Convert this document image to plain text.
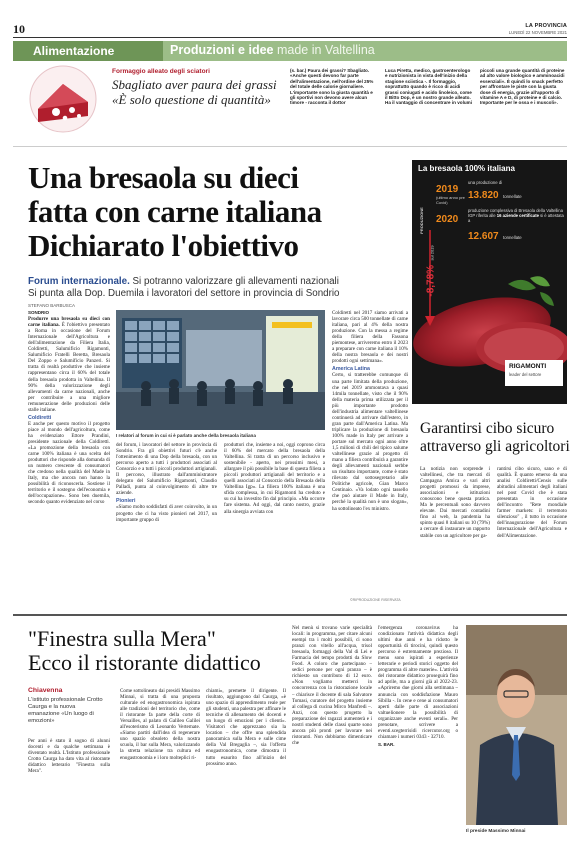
10	LA PROVINCIA
LUNEDÌ 22 NOVEMBRE 2021
Alimentazione	Produzioni e idee made in Valtellina
Formaggio alleato degli sciatori
Sbagliato aver paura dei grassi
«È solo questione di quantità»
(s. bar.) Paura dei grassi? Sbagliato. «Anche questi devono far parte dell'alimentazione, nell'ordine del 25% del totale delle calorie giornaliere. L'importante sono la giusta quantità e gli sportivi non devono avere alcun timore - racconta il dottor
Luca Piretta, medico, gastroenterologo e nutrizionista in vista dell'inizio della stagione sciistica -. Il formaggio, soprattutto quando è ricco di acidi grassi coniugati e acido linoleico, come il Bitto Dop, è un nostro grande alleato. Ha il vantaggio di concentrare in volumi
piccoli una grande quantità di proteine ad alto valore biologico e amminoacidi essenziali». È quindi lo snack perfetto per affrontare le piste con la giusta dose di energia, grazie all'apporto di vitamine A e D, di proteine e di calcio. Importante per le ossa e i muscoli».
Una bresaola su dieci
fatta con carne italiana
Dichiarato l'obiettivo
Forum internazionale. Si potranno valorizzare gli allevamenti nazionali
Si punta alla Dop. Duemila i lavoratori del settore in provincia di Sondrio
La bresaola 100% italiana
PRODUZIONE
2019
una produzione di
13.820 tonnellate
(ultimo anno pre Covid)
2020
produzione complessiva di Bresaola della Valtellina IGP riferita alle 16 aziende certificate si è attestata a
12.607 tonnellate
-8,78% sul 2019
RIGAMONTI
leader del settore
STEFANO BARBUSCA
SONDRIO
Produrre una bresaola su dieci con carne italiana. È l'obiettivo presentato a Roma in occasione del Forum Internazionale dell'Agricoltura e dell'alimentazione da Filiera Italia, Coldiretti, Salumificio Rigamonti, Salumificio Fratelli Beretta, Bresaola Del Zoppo e Salumificio Panzeri. Si tratta di realtà produttive che insieme rappresentano circa il 60% del totale della bresaola prodotta in Valtellina. Il 90% della valorizzazione degli allevamenti da carne nazionali, anche per contribuire a una migliore remunerazione delle produzioni delle stalle italiane.
Coldiretti
E anche per questo motivo il progetto piace al mondo dell'agricoltura, come ha evidenziato Ettore Prandini, presidente nazionale della Coldiretti. «La promozione della bresaola con carne 100% italiana è una scelta del produttori che risponde alla domanda di un numero crescente di consumatori che credono nella qualità del Made in Italy, ma che ancora non hanno la possibilità di riconoscerla. Sostiene il territorio e il sostegno dell'economia e dell'occupazione». Sono ben duemila, secondo quanto evidenziato nel corso
I relatori al forum in cui si è parlato anche della bresaola italiana
del forum, i lavoratori del settore in provincia di Sondrio. Fra gli obiettivi futuri c'è anche l'ottenimento di una Dop della bresaola, con un percorso aperto a tutti i produttori associati al Consorzio e a tutti i piccoli produttori artigianali. Il percorso, illustrato dall'amministratore delegato del Salumificio Rigamonti, Claudio Palladi, punta al coinvolgimento di altre tre aziende.
Pionieri
«Siamo molto soddisfatti di aver coinvolto, in un progetto che ci ha visto pionieri nel 2017, un importante gruppo di
produttori che, insieme a noi, oggi coprono circa il 60% del mercato della bresaola della Valtellina. Si tratta di un percorso inclusivo e sostenibile - aperto, nei prossimi mesi, a allargare il più possibile la base di questa filiera a piccoli produttori artigianali del territorio e a quelli associati al Consorzio della Bresaola della Valtellina Igp». La filiera 100% italiana è una sfida complessa, in cui Rigamonti ha creduto e su cui ha investito fin dal principio. «Ma occorre fare sistema. Ad oggi, dal canto nostro, grazie alla sinergia avviata con
Coldiretti nel 2017 siamo arrivati a lavorare circa 500 tonnellate di carne italiana, pari al 4% della nostra produzione. Con la messa a regime della filiera della Fassona piemontese, arriveremo entro il 2023 a preparare con carne italiana il 10% della nostra bresaola e dei nostri prodotti ogni settimana».
America Latina
Certo, si tratterebbe comunque di una parte limitata della produzione, che nel 2019 ammontava a quasi 14mila tonnellate, visto che il 90% della materia prima utilizzata per il più importante prodotto dell'industria alimentare valtellinese continuerà ad arrivare dall'estero, in gran parte dall'America Latina. Ma triplicare la produzione di bresaola 100% made in Italy per arrivare a portare sul mercato ogni anno oltre 1,5 milioni di chili del tipico salume valtellinese grazie al progetto di mano a filiera contribuirà a garantire degli allevamenti nazionali serbbe un risultato importante, come è stato rilevato dal sottosegretario alle Politiche agricole, Gian Marco Centinaio. «Va lodato ogni tassello che può aiutare il Made in Italy, perché la qualità non è uno slogan», ha sottolineato l'ex ministro.
©RIPRODUZIONE RISERVATA
Garantirsi cibo sicuro
attraverso gli agricoltori
La notizia non sorprende i valtellinesi, che tra mercati di Campagna Amica e vari altri progetti promossi da imprese, associazioni e istituzioni conoscono bene questa pratica. Ma le percentuali sono davvero elevate. Dai mercati contadini fino al web, la pandemia ha spinto quasi 8 italiani su 10 (79%) a cercare di instaurare un rapporto stabile con un agricoltore per ga-
rantirsi cibo sicuro, sano e di qualità. È quanto emerso da una analisi Coldiretti/Censis sulle abitudini alimentari degli italiani nel post Covid che è stata presentata in occasione dell'incontro "Rete mondiale farmer markets: il terremoto silenzioso" , il tutto in occasione dell'inaugurazione del Forum Internazionale dell'Agricoltura e dell'Alimentazione.
"Finestra sulla Mera"
Ecco il ristorante didattico
Chiavenna
L'istituto professionale Crotto Caurga e la nuova emanazione «Un luogo di emozioni»
Per anni è stato il sogno di alunni docenti e da qualche settimana è diventato realtà. L'Istituto professionale Crotto Caurga ha dato vita al ristorante didattico letterario "Finestra sulla Mera".
Come sottolineato dai presidi Massimo Minnai, si tratta di una proposta culturale ed enogastronomica ispirata alle tradizioni del territorio che, come il ristorante fa parte della corte di Versailles, al palato di Galileo Galilei all'esoterismo di Leonardo Vertemate. «Siamo partiti dall'idea di regenerare uno spazio obsoleto della nostra scuola, il bar sulla Mera, valorizzando la stretta relazione tra cultura ed enogastronomia e i loro molteplici ri-
chiami», premette il dirigente. Il risultato, aggiungono dal Caurga, «è uno spazio di apprendimento reale per gli studenti, una palestra per affinare le tecniche di allenamento dei docenti e un luogo di emozioni per i clienti». Visitatori che apprezzano sia la location – che offre una splendida panoramica sulla Mera e sulle cime della Val Bregaglia –, sia l'offerta enogastronomica, come dimostra il tutto esaurito fino all'inizio del prossimo anno.
Nel menù si trovano varie specialità locali: in programma, per citare alcuni esempi tra i molti possibili, ci sono pranzi con vitello all'acqua, trisol bresaola, formaggi della Val di Lei e Farmacia del tempo prodotti da Slow Food. A coloro che partecipano – sedici persone per ogni pranzo – è richiesto un contributo di 12 euro. «Non vogliamo metterci in concorrenza con la ristorazione locale – chiarisce il docente di sala Salvatore Tomasi, curatore del progetto insieme al collega di cucina Mirco Manfredi –. Anzi, con questo progetto la preparazione dei ragazzi aumenterà e i nostri studenti delle classi quarte sono ancora più pronti per lavorare nei ristoranti. Non dobbiamo dimenticare che
l'emergenza coronavirus ha condizionato l'attività didattica degli ultimi due anni e ha ridotto le opportunità di tirocini, quindi questo percorso è estremamente prezioso. Il menu sono ispirati a esperienze letterarie e periodi storici oggetto del programma di altre materie». L'attività del ristorante didattico proseguirà fino ad aprile, ma a giorni già al 2022-23. «Apriremo due giorni alla settimana – annuncia con soddisfazione Mauro Sibilla -. In cene e cene ai consumatori aperti dalle parte di associazioni valtuelionere la possibilità di organizzare anche eventi serali». Per prenotare, scrivere a eventi.scegterrisidi ricercutor.org o chiamare i numeri 0343 - 32710.
S. BAR.
Il preside Massimo Minnai
